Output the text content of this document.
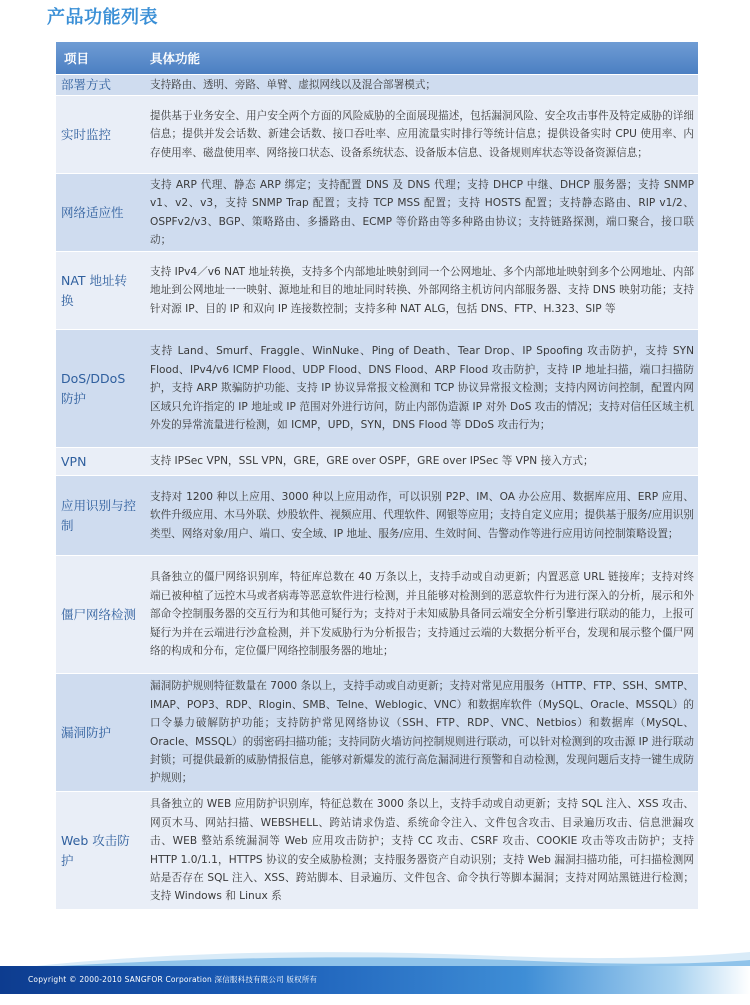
产品功能列表
项目	具体功能
部署方式	支持路由、透明、旁路、单臂、虚拟网线以及混合部署模式；
实时监控	提供基于业务安全、用户安全两个方面的风险威胁的全面展现描述，包括漏洞风险、安全攻击事件及特定威胁的详细信息；提供并发会话数、新建会话数、接口吞吐率、应用流量实时排行等统计信息；提供设备实时 CPU 使用率、内存使用率、磁盘使用率、网络接口状态、设备系统状态、设备版本信息、设备规则库状态等设备资源信息；
网络适应性	支持 ARP 代理、静态 ARP 绑定；支持配置 DNS 及 DNS 代理；支持 DHCP 中继、DHCP 服务器；支持 SNMP v1、v2、v3，支持 SNMP Trap 配置；支持 TCP MSS 配置；支持 HOSTS 配置；支持静态路由、RIP v1/2、OSPFv2/v3、BGP、策略路由、多播路由、ECMP 等价路由等多种路由协议；支持链路探测，端口聚合，接口联动；
NAT 地址转换	支持 IPv4／v6 NAT 地址转换，支持多个内部地址映射到同一个公网地址、多个内部地址映射到多个公网地址、内部地址到公网地址一一映射、源地址和目的地址同时转换、外部网络主机访问内部服务器、支持 DNS 映射功能；支持针对源 IP、目的 IP 和双向 IP 连接数控制；支持多种 NAT ALG，包括 DNS、FTP、H.323、SIP 等
DoS/DDoS 防护	支持 Land、Smurf、Fraggle、WinNuke、Ping of Death、Tear Drop、IP Spoofing 攻击防护，支持 SYN Flood、IPv4/v6 ICMP Flood、UDP Flood、DNS Flood、ARP Flood 攻击防护，支持 IP 地址扫描，端口扫描防护，支持 ARP 欺骗防护功能、支持 IP 协议异常报文检测和 TCP 协议异常报文检测；支持内网访问控制，配置内网区域只允许指定的 IP 地址或 IP 范围对外进行访问，防止内部伪造源 IP 对外 DoS 攻击的情况；支持对信任区域主机外发的异常流量进行检测，如 ICMP，UPD，SYN，DNS Flood 等 DDoS 攻击行为；
VPN	支持 IPSec VPN，SSL VPN，GRE，GRE over OSPF，GRE over IPSec 等 VPN 接入方式；
应用识别与控制	支持对 1200 种以上应用、3000 种以上应用动作，可以识别 P2P、IM、OA 办公应用、数据库应用、ERP 应用、软件升级应用、木马外联、炒股软件、视频应用、代理软件、网银等应用；支持自定义应用；提供基于服务/应用识别类型、网络对象/用户、端口、安全域、IP 地址、服务/应用、生效时间、告警动作等进行应用访问控制策略设置；
僵尸网络检测	具备独立的僵尸网络识别库，特征库总数在 40 万条以上，支持手动或自动更新；内置恶意 URL 链接库；支持对终端已被种植了远控木马或者病毒等恶意软件进行检测，并且能够对检测到的恶意软件行为进行深入的分析，展示和外部命令控制服务器的交互行为和其他可疑行为；支持对于未知威胁具备同云端安全分析引擎进行联动的能力，上报可疑行为并在云端进行沙盒检测，并下发威胁行为分析报告；支持通过云端的大数据分析平台，发现和展示整个僵尸网络的构成和分布，定位僵尸网络控制服务器的地址；
漏洞防护	漏洞防护规则特征数量在 7000 条以上，支持手动或自动更新；支持对常见应用服务（HTTP、FTP、SSH、SMTP、IMAP、POP3、RDP、Rlogin、SMB、Telne、Weblogic、VNC）和数据库软件（MySQL、Oracle、MSSQL）的口令暴力破解防护功能；支持防护常见网络协议（SSH、FTP、RDP、VNC、Netbios）和数据库（MySQL、Oracle、MSSQL）的弱密码扫描功能；支持同防火墙访问控制规则进行联动，可以针对检测到的攻击源 IP 进行联动封锁；可提供最新的威胁情报信息，能够对新爆发的流行高危漏洞进行预警和自动检测，发现问题后支持一键生成防护规则；
Web 攻击防护	具备独立的 WEB 应用防护识别库，特征总数在 3000 条以上，支持手动或自动更新；支持 SQL 注入、XSS 攻击、网页木马、网站扫描、WEBSHELL、跨站请求伪造、系统命令注入、文件包含攻击、目录遍历攻击、信息泄漏攻击、WEB 整站系统漏洞等 Web 应用攻击防护；支持 CC 攻击、CSRF 攻击、COOKIE 攻击等攻击防护；支持 HTTP 1.0/1.1，HTTPS 协议的安全威胁检测；支持服务器资产自动识别；支持 Web 漏洞扫描功能，可扫描检测网站是否存在 SQL 注入、XSS、跨站脚本、目录遍历、文件包含、命令执行等脚本漏洞；支持对网站黑链进行检测；支持 Windows 和 Linux 系
Copyright © 2000-2010 SANGFOR Corporation 深信服科技有限公司 版权所有
